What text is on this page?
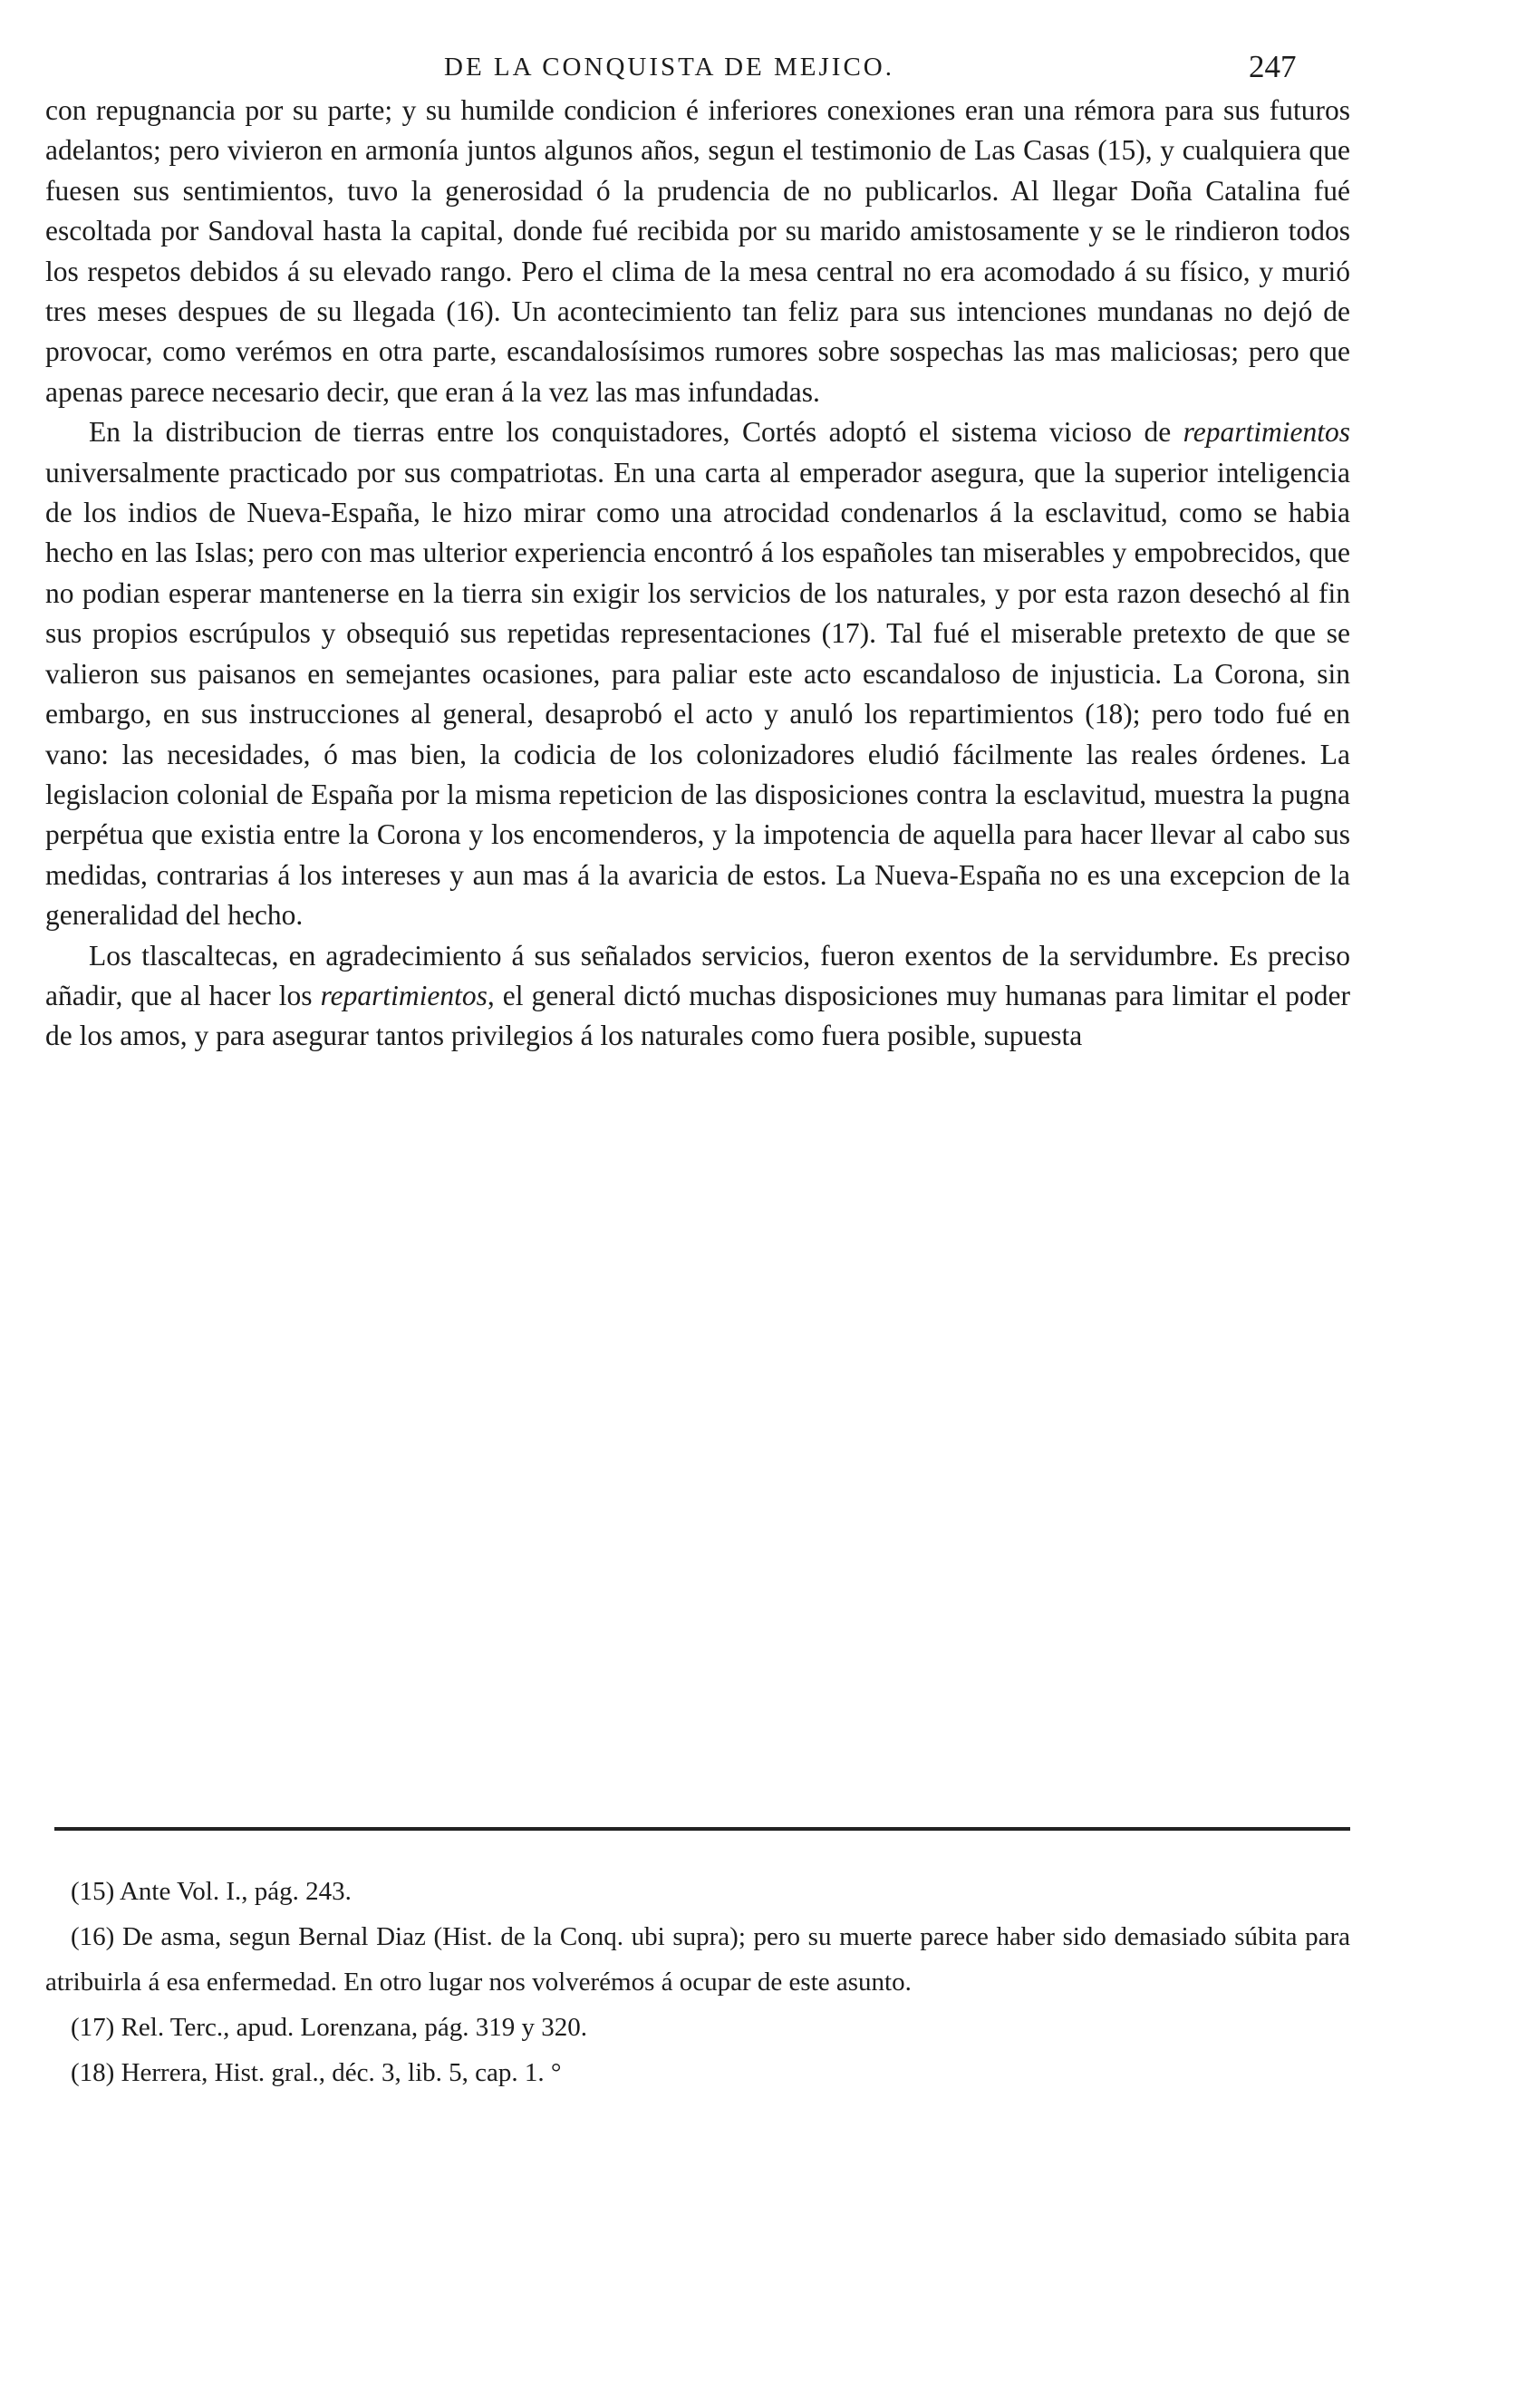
DE LA CONQUISTA DE MEJICO.	247

con repugnancia por su parte; y su humilde condicion é inferiores conexiones eran una rémora para sus futuros adelantos; pero vivieron en armonía juntos algunos años, segun el testimonio de Las Casas (15), y cualquiera que fuesen sus sentimientos, tuvo la generosidad ó la prudencia de no publicarlos. Al llegar Doña Catalina fué escoltada por Sandoval hasta la capital, donde fué recibida por su marido amistosamente y se le rindieron todos los respetos debidos á su elevado rango. Pero el clima de la mesa central no era acomodado á su físico, y murió tres meses despues de su llegada (16). Un acontecimiento tan feliz para sus intenciones mundanas no dejó de provocar, como verémos en otra parte, escandalosísimos rumores sobre sospechas las mas maliciosas; pero que apenas parece necesario decir, que eran á la vez las mas infundadas.

En la distribucion de tierras entre los conquistadores, Cortés adoptó el sistema vicioso de repartimientos universalmente practicado por sus compatriotas. En una carta al emperador asegura, que la superior inteligencia de los indios de Nueva-España, le hizo mirar como una atrocidad condenarlos á la esclavitud, como se habia hecho en las Islas; pero con mas ulterior experiencia encontró á los españoles tan miserables y empobrecidos, que no podian esperar mantenerse en la tierra sin exigir los servicios de los naturales, y por esta razon desechó al fin sus propios escrúpulos y obsequió sus repetidas representaciones (17). Tal fué el miserable pretexto de que se valieron sus paisanos en semejantes ocasiones, para paliar este acto escandaloso de injusticia. La Corona, sin embargo, en sus instrucciones al general, desaprobó el acto y anuló los repartimientos (18); pero todo fué en vano: las necesidades, ó mas bien, la codicia de los colonizadores eludió fácilmente las reales órdenes. La legislacion colonial de España por la misma repeticion de las disposiciones contra la esclavitud, muestra la pugna perpétua que existia entre la Corona y los encomenderos, y la impotencia de aquella para hacer llevar al cabo sus medidas, contrarias á los intereses y aun mas á la avaricia de estos. La Nueva-España no es una excepcion de la generalidad del hecho.

Los tlascaltecas, en agradecimiento á sus señalados servicios, fueron exentos de la servidumbre. Es preciso añadir, que al hacer los repartimientos, el general dictó muchas disposiciones muy humanas para limitar el poder de los amos, y para asegurar tantos privilegios á los naturales como fuera posible, supuesta

(15) Ante Vol. I., pág. 243.

(16) De asma, segun Bernal Diaz (Hist. de la Conq. ubi supra); pero su muerte parece haber sido demasiado súbita para atribuirla á esa enfermedad. En otro lugar nos volverémos á ocupar de este asunto.

(17) Rel. Terc., apud. Lorenzana, pág. 319 y 320.

(18) Herrera, Hist. gral., déc. 3, lib. 5, cap. 1. °
